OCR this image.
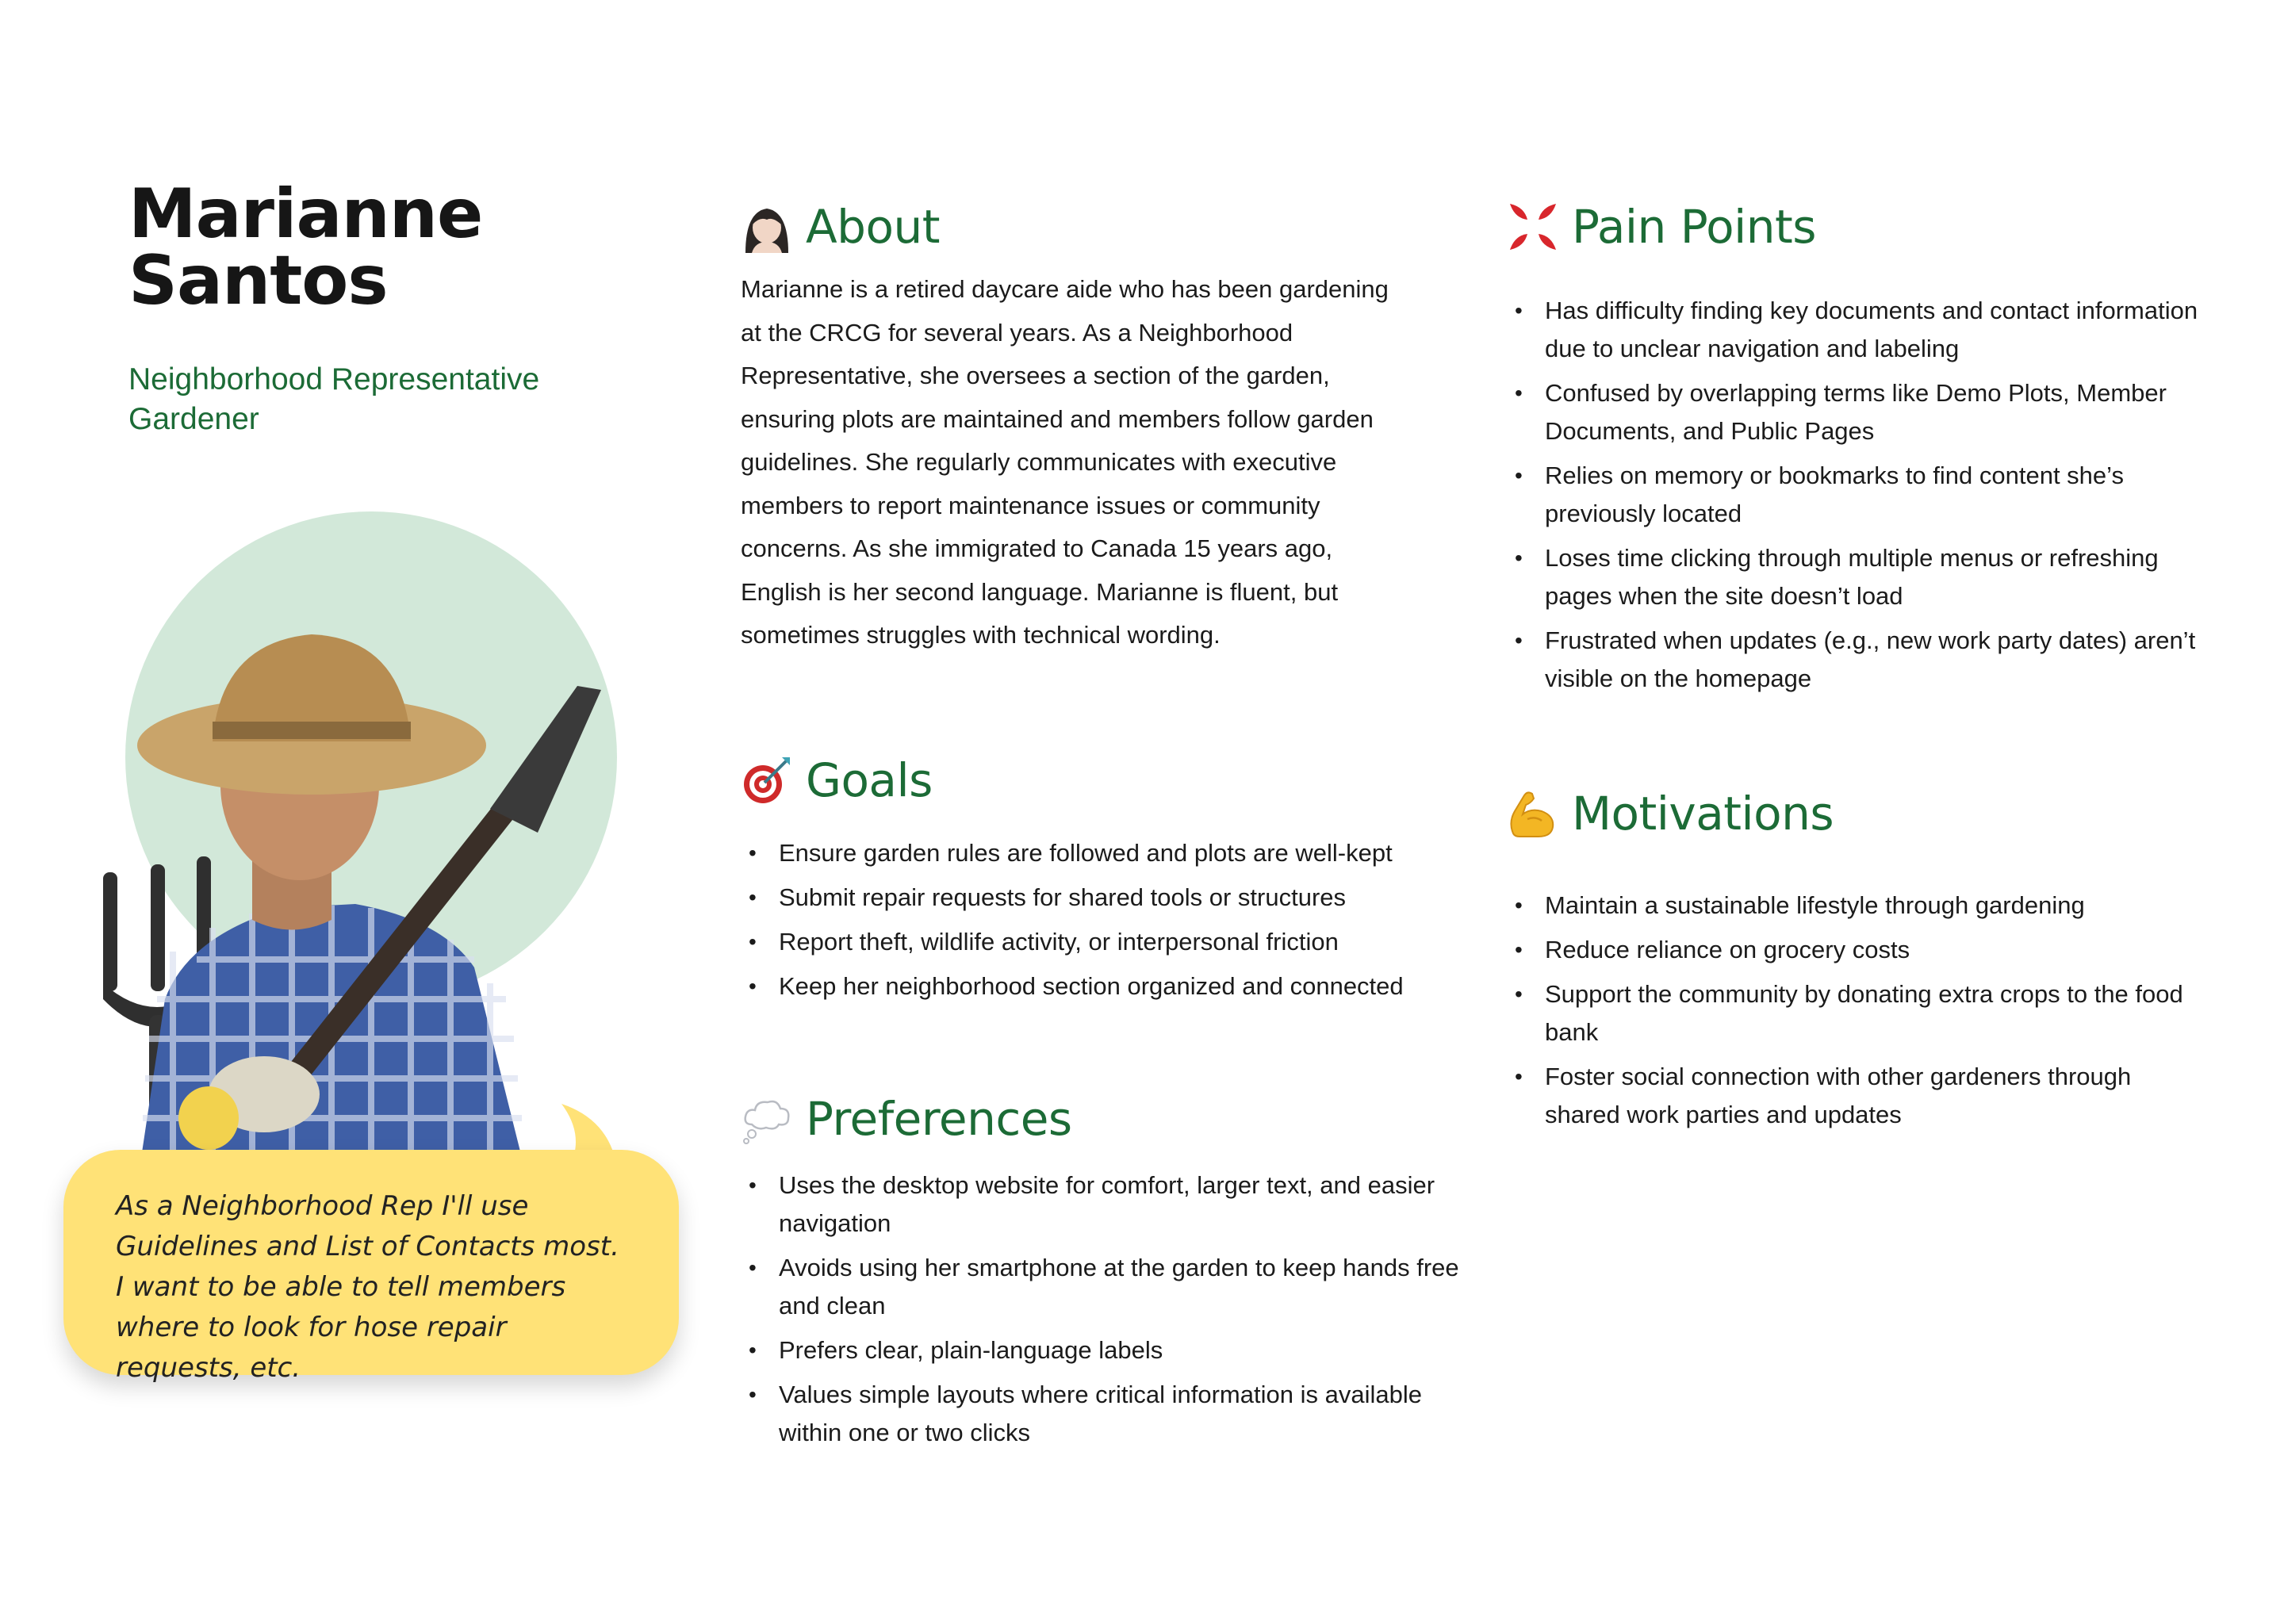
Marianne Santos
Neighborhood Representative Gardener
As a Neighborhood Rep I'll use Guidelines and List of Contacts most. I want to be able to tell members where to look for hose repair requests, etc.
About

Marianne is a retired daycare aide who has been gardening at the CRCG for several years. As a Neighborhood Representative, she oversees a section of the garden, ensuring plots are maintained and members follow garden guidelines. She regularly communicates with executive members to report maintenance issues or community concerns. As she immigrated to Canada 15 years ago, English is her second language. Marianne is fluent, but sometimes struggles with technical wording.

Goals
• Ensure garden rules are followed and plots are well-kept
• Submit repair requests for shared tools or structures
• Report theft, wildlife activity, or interpersonal friction
• Keep her neighborhood section organized and connected
Preferences
• Uses the desktop website for comfort, larger text, and easier navigation
• Avoids using her smartphone at the garden to keep hands free and clean
• Prefers clear, plain-language labels
• Values simple layouts where critical information is available within one or two clicks
Pain Points
• Has difficulty finding key documents and contact information due to unclear navigation and labeling
• Confused by overlapping terms like Demo Plots, Member Documents, and Public Pages
• Relies on memory or bookmarks to find content she’s previously located
• Loses time clicking through multiple menus or refreshing pages when the site doesn’t load
• Frustrated when updates (e.g., new work party dates) aren’t visible on the homepage
Motivations
• Maintain a sustainable lifestyle through gardening
• Reduce reliance on grocery costs
• Support the community by donating extra crops to the food bank
• Foster social connection with other gardeners through shared work parties and updates
